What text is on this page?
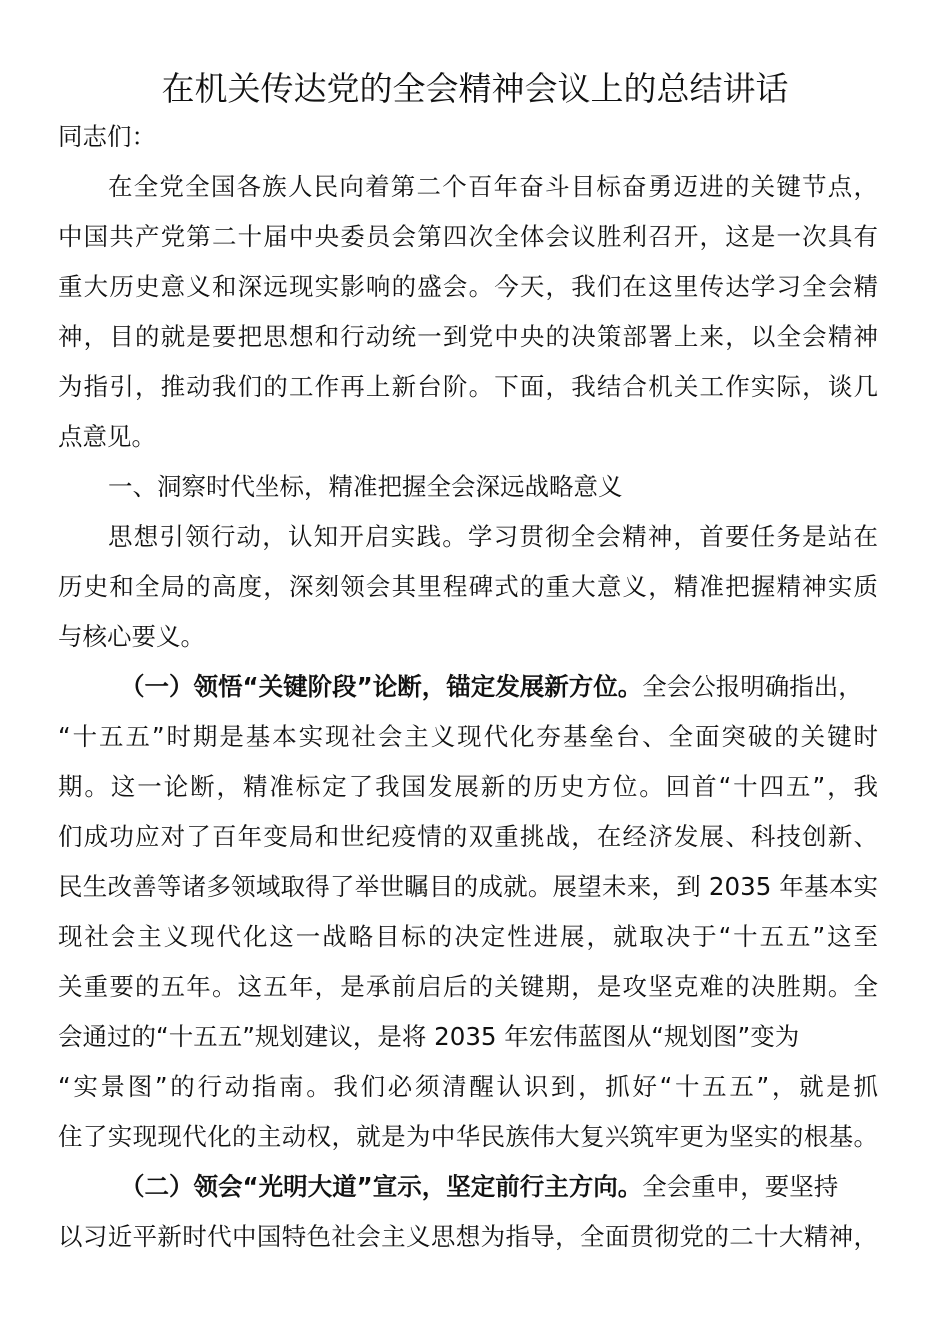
在机关传达党的全会精神会议上的总结讲话
同志们：
在全党全国各族人民向着第二个百年奋斗目标奋勇迈进的关键节点，
中国共产党第二十届中央委员会第四次全体会议胜利召开，这是一次具有
重大历史意义和深远现实影响的盛会。今天，我们在这里传达学习全会精
神，目的就是要把思想和行动统一到党中央的决策部署上来，以全会精神
为指引，推动我们的工作再上新台阶。下面，我结合机关工作实际，谈几
点意见。
一、洞察时代坐标，精准把握全会深远战略意义
思想引领行动，认知开启实践。学习贯彻全会精神，首要任务是站在
历史和全局的高度，深刻领会其里程碑式的重大意义，精准把握精神实质
与核心要义。
（一）领悟“关键阶段”论断，锚定发展新方位。全会公报明确指出，
“十五五”时期是基本实现社会主义现代化夯基垒台、全面突破的关键时
期。这一论断，精准标定了我国发展新的历史方位。回首“十四五”，我
们成功应对了百年变局和世纪疫情的双重挑战，在经济发展、科技创新、
民生改善等诸多领域取得了举世瞩目的成就。展望未来，到 2035 年基本实
现社会主义现代化这一战略目标的决定性进展，就取决于“十五五”这至
关重要的五年。这五年，是承前启后的关键期，是攻坚克难的决胜期。全
会通过的“十五五”规划建议，是将 2035 年宏伟蓝图从“规划图”变为
“实景图”的行动指南。我们必须清醒认识到，抓好“十五五”，就是抓
住了实现现代化的主动权，就是为中华民族伟大复兴筑牢更为坚实的根基。
（二）领会“光明大道”宣示，坚定前行主方向。全会重申，要坚持
以习近平新时代中国特色社会主义思想为指导，全面贯彻党的二十大精神，
